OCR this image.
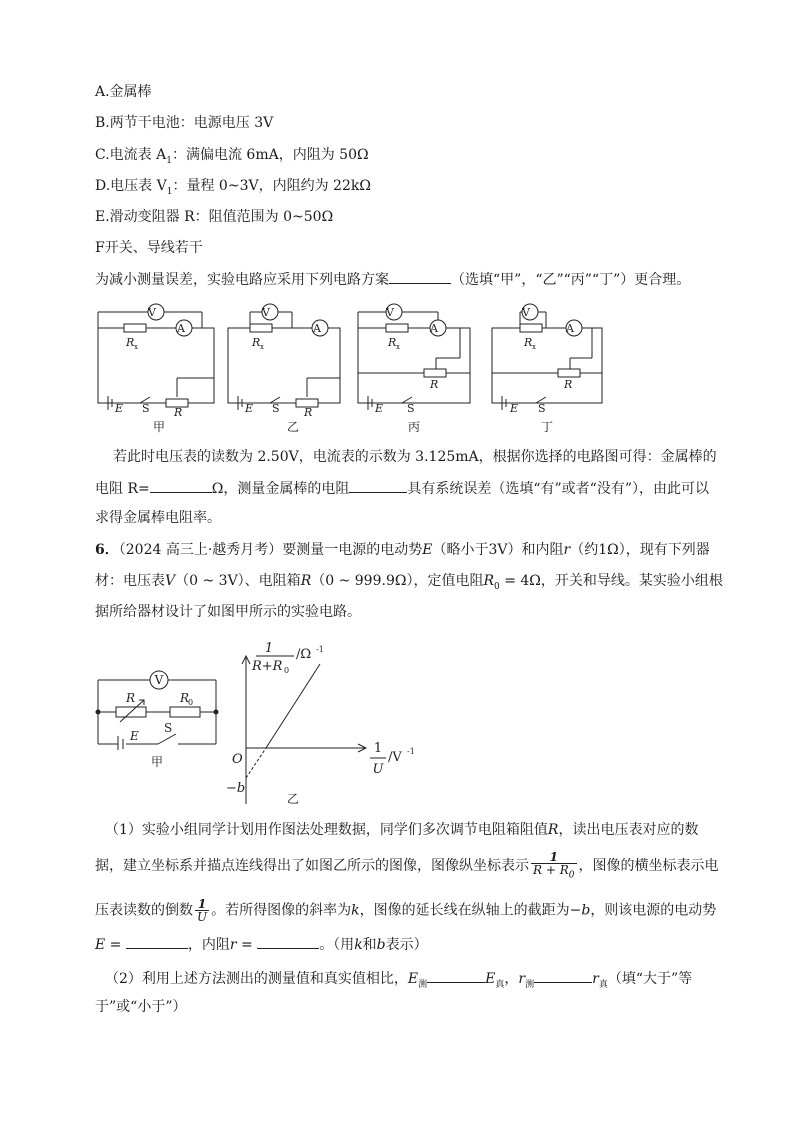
A.金属棒
B.两节干电池：电源电压 3V
C.电流表 $A_1$：满偏电流 6mA，内阻为 50Ω
D.电压表 $V_1$：量程 0~3V，内阻约为 22kΩ
E.滑动变阻器 R：阻值范围为 0~50Ω
F开关、导线若干
为减小测量误差，实验电路应采用下列电路方案	（选填“甲”，“乙”“丙”“丁”）更合理。
V
A
R x
E S R
V
A
R x
E S R
V
A
R x
R
E S
V
A
R x
R
E S
甲	乙	丙	丁
若此时电压表的读数为 2.50V，电流表的示数为 3.125mA，根据你选择的电路图可得：金属棒的
电阻 R=	Ω，测量金属棒的电阻	具有系统误差（选填“有”或者“没有”），由此可以
求得金属棒电阻率。
6．（2024 高三上·越秀月考）要测量一电源的电动势E（略小于3V）和内阻r（约1Ω），现有下列器
材：电压表V（0 ~ 3V）、电阻箱R（0 ~ 999.9Ω），定值电阻$R_0 = 4\Omega$，开关和导线。某实验小组根
据所给器材设计了如图甲所示的实验电路。
V
R	R
0
E
S
甲
1
R+R 0
/Ω -1
1
U
/V -1
O
−b
乙
（1）实验小组同学计划用作图法处理数据，同学们多次调节电阻箱阻值R，读出电压表对应的数
据，建立坐标系并描点连线得出了如图乙所示的图像，图像纵坐标表示 $\frac{1}{R + R_0}$ ，图像的横坐标表示电
压表读数的倒数 $\frac{1}{U}$ 。若所得图像的斜率为k，图像的延长线在纵轴上的截距为−b，则该电源的电动势
E =	，内阻r =	。（用k和b表示）
（2）利用上述方法测出的测量值和真实值相比，$E_测$	$E_真$，$r_测$	$r_真$（填“大于”等
于”或“小于”）
